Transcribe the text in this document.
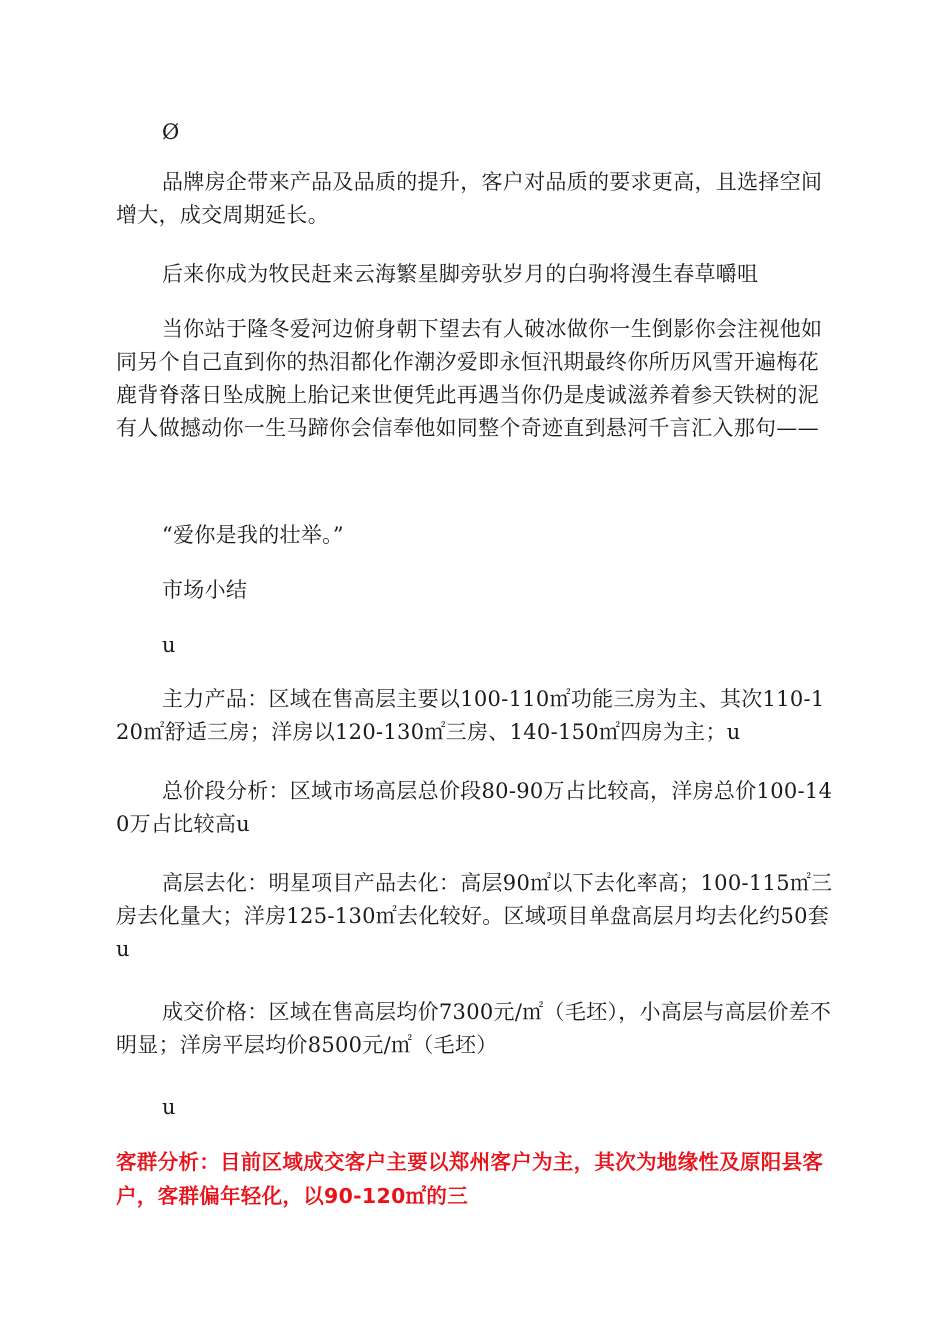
Ø

品牌房企带来产品及品质的提升，客户对品质的要求更高，且选择空间增大，成交周期延长。

后来你成为牧民赶来云海繁星脚旁驮岁月的白驹将漫生春草嚼咀

当你站于隆冬爱河边俯身朝下望去有人破冰做你一生倒影你会注视他如同另个自己直到你的热泪都化作潮汐爱即永恒汛期最终你所历风雪开遍梅花鹿背脊落日坠成腕上胎记来世便凭此再遇当你仍是虔诚滋养着参天铁树的泥有人做撼动你一生马蹄你会信奉他如同整个奇迹直到悬河千言汇入那句——

“爱你是我的壮举。”

市场小结

u

主力产品：区域在售高层主要以100-110㎡功能三房为主、其次110-120㎡舒适三房；洋房以120-130㎡三房、140-150㎡四房为主；u

总价段分析：区域市场高层总价段80-90万占比较高，洋房总价100-140万占比较高u

高层去化：明星项目产品去化：高层90㎡以下去化率高；100-115㎡三房去化量大；洋房125-130㎡去化较好。区域项目单盘高层月均去化约50套u

成交价格：区域在售高层均价7300元/㎡（毛坯），小高层与高层价差不明显；洋房平层均价8500元/㎡（毛坯）

u

客群分析：目前区域成交客户主要以郑州客户为主，其次为地缘性及原阳县客户，客群偏年轻化，以90-120㎡的三
